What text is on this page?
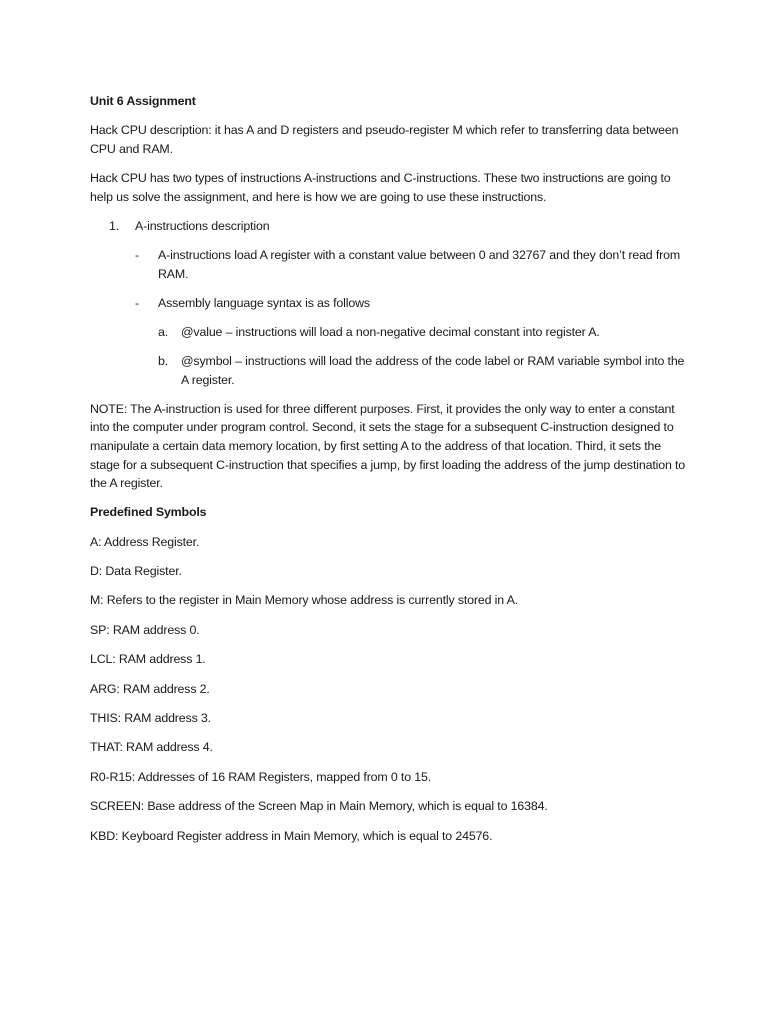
Unit 6 Assignment

Hack CPU description: it has A and D registers and pseudo-register M which refer to transferring data between CPU and RAM.

Hack CPU has two types of instructions A-instructions and C-instructions. These two instructions are going to help us solve the assignment, and here is how we are going to use these instructions.

1. A-instructions description
- A-instructions load A register with a constant value between 0 and 32767 and they don’t read from RAM.
- Assembly language syntax is as follows
a. @value – instructions will load a non-negative decimal constant into register A.
b. @symbol – instructions will load the address of the code label or RAM variable symbol into the A register.

NOTE: The A-instruction is used for three different purposes. First, it provides the only way to enter a constant into the computer under program control. Second, it sets the stage for a subsequent C-instruction designed to manipulate a certain data memory location, by first setting A to the address of that location. Third, it sets the stage for a subsequent C-instruction that specifies a jump, by first loading the address of the jump destination to the A register.

Predefined Symbols

A: Address Register.

D: Data Register.

M: Refers to the register in Main Memory whose address is currently stored in A.

SP: RAM address 0.

LCL: RAM address 1.

ARG: RAM address 2.

THIS: RAM address 3.

THAT: RAM address 4.

R0-R15: Addresses of 16 RAM Registers, mapped from 0 to 15.

SCREEN: Base address of the Screen Map in Main Memory, which is equal to 16384.

KBD: Keyboard Register address in Main Memory, which is equal to 24576.
